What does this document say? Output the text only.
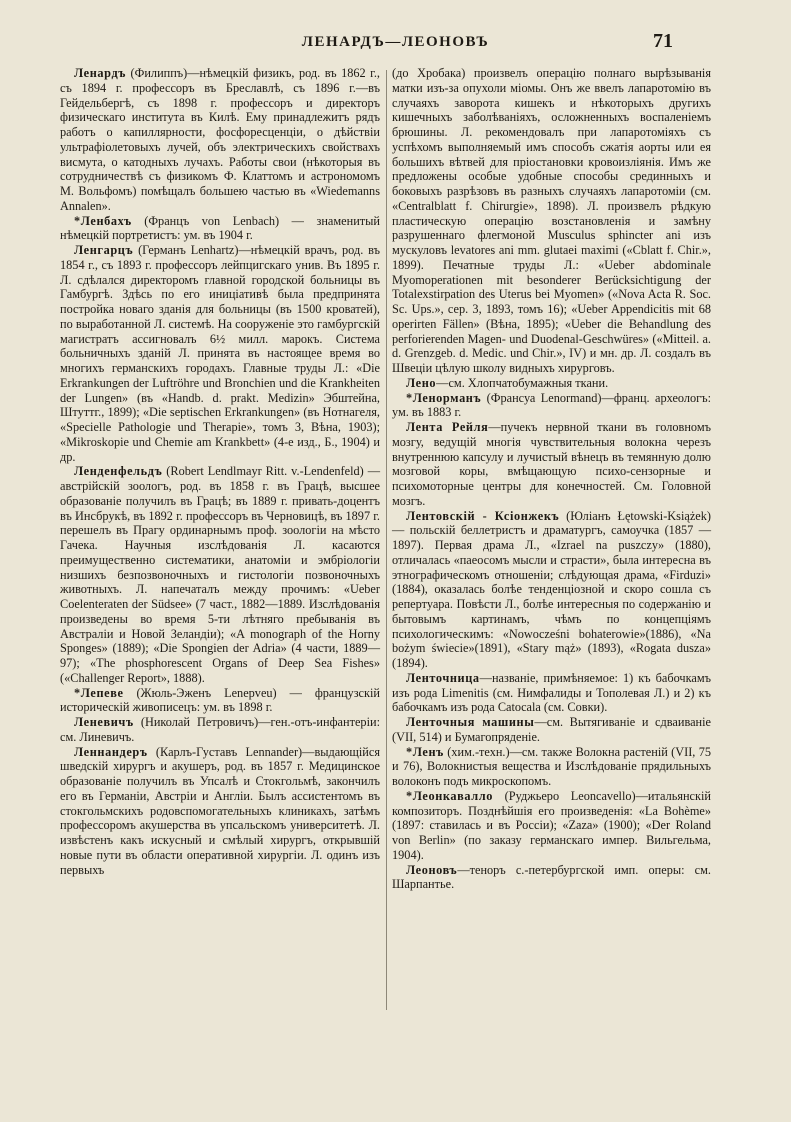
ЛЕНАРДЪ—ЛЕОНОВЪ	71

Ленардъ (Филиппъ)—нѣмецкій физикъ, род. въ 1862 г., съ 1894 г. профессоръ въ Бреславлѣ, съ 1896 г.—въ Гейдельбергѣ, съ 1898 г. профессоръ и директоръ физическаго института въ Килѣ. Ему принадлежитъ рядъ работъ о капиллярности, фосфоресценціи, о дѣйствіи ультрафіолетовыхъ лучей, объ электрическихъ свойствахъ висмута, о катодныхъ лучахъ. Работы свои (нѣкоторыя въ сотрудничествѣ съ физикомъ Ф. Клаттомъ и астрономомъ М. Вольфомъ) помѣщалъ большею частью въ «Wiedemanns Annalen».

*Ленбахъ (Францъ von Lenbach) — знаменитый нѣмецкій портретистъ: ум. въ 1904 г.

Ленгарцъ (Германъ Lenhartz)—нѣмецкій врачъ, род. въ 1854 г., съ 1893 г. профессоръ лейпцигскаго унив. Въ 1895 г. Л. сдѣлался директоромъ главной городской больницы въ Гамбургѣ. Здѣсь по его иниціативѣ была предпринята постройка новаго зданія для больницы (въ 1500 кроватей), по выработанной Л. системѣ. На сооруженіе это гамбургскій магистратъ ассигновалъ 6½ милл. марокъ. Система больничныхъ зданій Л. принята въ настоящее время во многихъ германскихъ городахъ. Главные труды Л.: «Die Erkrankungen der Luftröhre und Bronchien und die Krankheiten der Lungen» (въ «Handb. d. prakt. Medizin» Эбштейна, Штуттг., 1899); «Die septischen Erkrankungen» (въ Нотнагеля, «Specielle Pathologie und Therapie», томъ 3, Вѣна, 1903); «Mikroskopie und Chemie am Krankbett» (4-е изд., Б., 1904) и др.

Ленденфельдъ (Robert Lendlmayr Ritt. v.-Lendenfeld) — австрійскій зоологъ, род. въ 1858 г. въ Грацѣ, высшее образованіе получилъ въ Грацѣ; въ 1889 г. привать-доцентъ въ Инсбрукѣ, въ 1892 г. профессоръ въ Черновицѣ, въ 1897 г. перешелъ въ Прагу ординарнымъ проф. зоологіи на мѣсто Гачека. Научныя изслѣдованія Л. касаются преимущественно систематики, анатоміи и эмбріологіи низшихъ безпозвоночныхъ и гистологіи позвоночныхъ животныхъ. Л. напечаталъ между прочимъ: «Ueber Coelenteraten der Südsee» (7 част., 1882—1889. Изслѣдованія произведены во время 5-ти лѣтняго пребыванія въ Австраліи и Новой Зеландіи); «A monograph of the Horny Sponges» (1889); «Die Spongien der Adria» (4 части, 1889—97); «The phosphorescent Organs of Deep Sea Fishes» («Challenger Report», 1888).

*Лепевe (Жюль-Эженъ Lenepveu) — французскій историческій живописецъ: ум. въ 1898 г.

Леневичъ (Николай Петровичъ)—ген.-отъ-инфантеріи: см. Линевичъ.

Леннандеръ (Карлъ-Густавъ Lennander)—выдающійся шведскій хирургъ и акушеръ, род. въ 1857 г. Медицинское образованіе получилъ въ Упсалѣ и Стокгольмѣ, закончилъ его въ Германіи, Австріи и Англіи. Былъ ассистентомъ въ стокгольмскихъ родовспомогательныхъ клиникахъ, затѣмъ профессоромъ акушерства въ упсальскомъ университетѣ. Л. извѣстенъ какъ искусный и смѣлый хирургъ, открывшій новые пути въ области оперативной хирургіи. Л. одинъ изъ первыхъ

(до Хробака) произвелъ операцію полнаго вырѣзыванія матки изъ-за опухоли міомы. Онъ же ввелъ лапаротомію въ случаяхъ заворота кишекъ и нѣкоторыхъ другихъ кишечныхъ заболѣваніяхъ, осложненныхъ воспаленіемъ брюшины. Л. рекомендовалъ при лапаротоміяхъ съ успѣхомъ выполняемый имъ способъ сжатія аорты или ея большихъ вѣтвей для пріостановки кровоизліянія. Имъ же предложены особые удобные способы срединныхъ и боковыхъ разрѣзовъ въ разныхъ случаяхъ лапаротоміи (см. «Centralblatt f. Chirurgie», 1898). Л. произвелъ рѣдкую пластическую операцію возстановленія и замѣну разрушеннаго флегмоной Musculus sphincter ani изъ мускуловъ levatores ani mm. glutaei maximi («Cblatt f. Chir.», 1899). Печатные труды Л.: «Ueber abdominale Myomoperationen mit besonderer Berücksichtigung der Totalexstirpation des Uterus bei Myomen» («Nova Acta R. Soc. Sc. Ups.», сер. 3, 1893, томъ 16); «Ueber Appendicitis mit 68 operirten Fällen» (Вѣна, 1895); «Ueber die Behandlung des perforierenden Magen- und Duodenal-Geschwüres» («Mitteil. a. d. Grenzgeb. d. Medic. und Chir.», IV) и мн. др. Л. создалъ въ Швеціи цѣлую школу видныхъ хирурговъ.

Лено—см. Хлопчатобумажныя ткани.

*Ленорманъ (Франсуа Lenormand)—франц. археологъ: ум. въ 1883 г.

Лента Рейля—пучекъ нервной ткани въ головномъ мозгу, ведущій многія чувствительныя волокна черезъ внутреннюю капсулу и лучистый вѣнецъ въ темянную долю мозговой коры, вмѣщающую психо-сензорные и психомоторные центры для конечностей. См. Головной мозгъ.

Лентовскій - Ксіонжекъ (Юліанъ Łętowski-Książek) — польскій беллетристъ и драматургъ, самоучка (1857 — 1897). Первая драма Л., «Izrael na puszczy» (1880), отличалась «паеосомъ мысли и страсти», была интересна въ этнографическомъ отношеніи; слѣдующая драма, «Firduzi» (1884), оказалась болѣе тенденціозной и скоро сошла съ репертуара. Повѣсти Л., болѣе интересныя по содержанію и бытовымъ картинамъ, чѣмъ по концепціямъ психологическимъ: «Nowocześni bohaterowie»(1886), «Na bożym świecie»(1891), «Stary mąż» (1893), «Rogata dusza» (1894).

Ленточница—названіе, примѣняемое: 1) къ бабочкамъ изъ рода Limenitis (см. Нимфалиды и Тополевая Л.) и 2) къ бабочкамъ изъ рода Catocala (см. Совки).

Ленточныя машины—см. Вытягиваніе и сдваиваніе (VII, 514) и Бумагопряденіе.

*Ленъ (хим.-техн.)—см. также Волокна растеній (VII, 75 и 76), Волокнистыя вещества и Изслѣдованіе прядильныхъ волоконъ подъ микроскопомъ.

*Леонкавалло (Руджьеро Leoncavello)—итальянскій композиторъ. Позднѣйшія его произведенія: «La Bohème» (1897: ставилась и въ Россіи); «Zaza» (1900); «Der Roland von Berlin» (по заказу германскаго импер. Вильгельма, 1904).

Леоновъ—теноръ с.-петербургской имп. оперы: см. Шарпантье.
